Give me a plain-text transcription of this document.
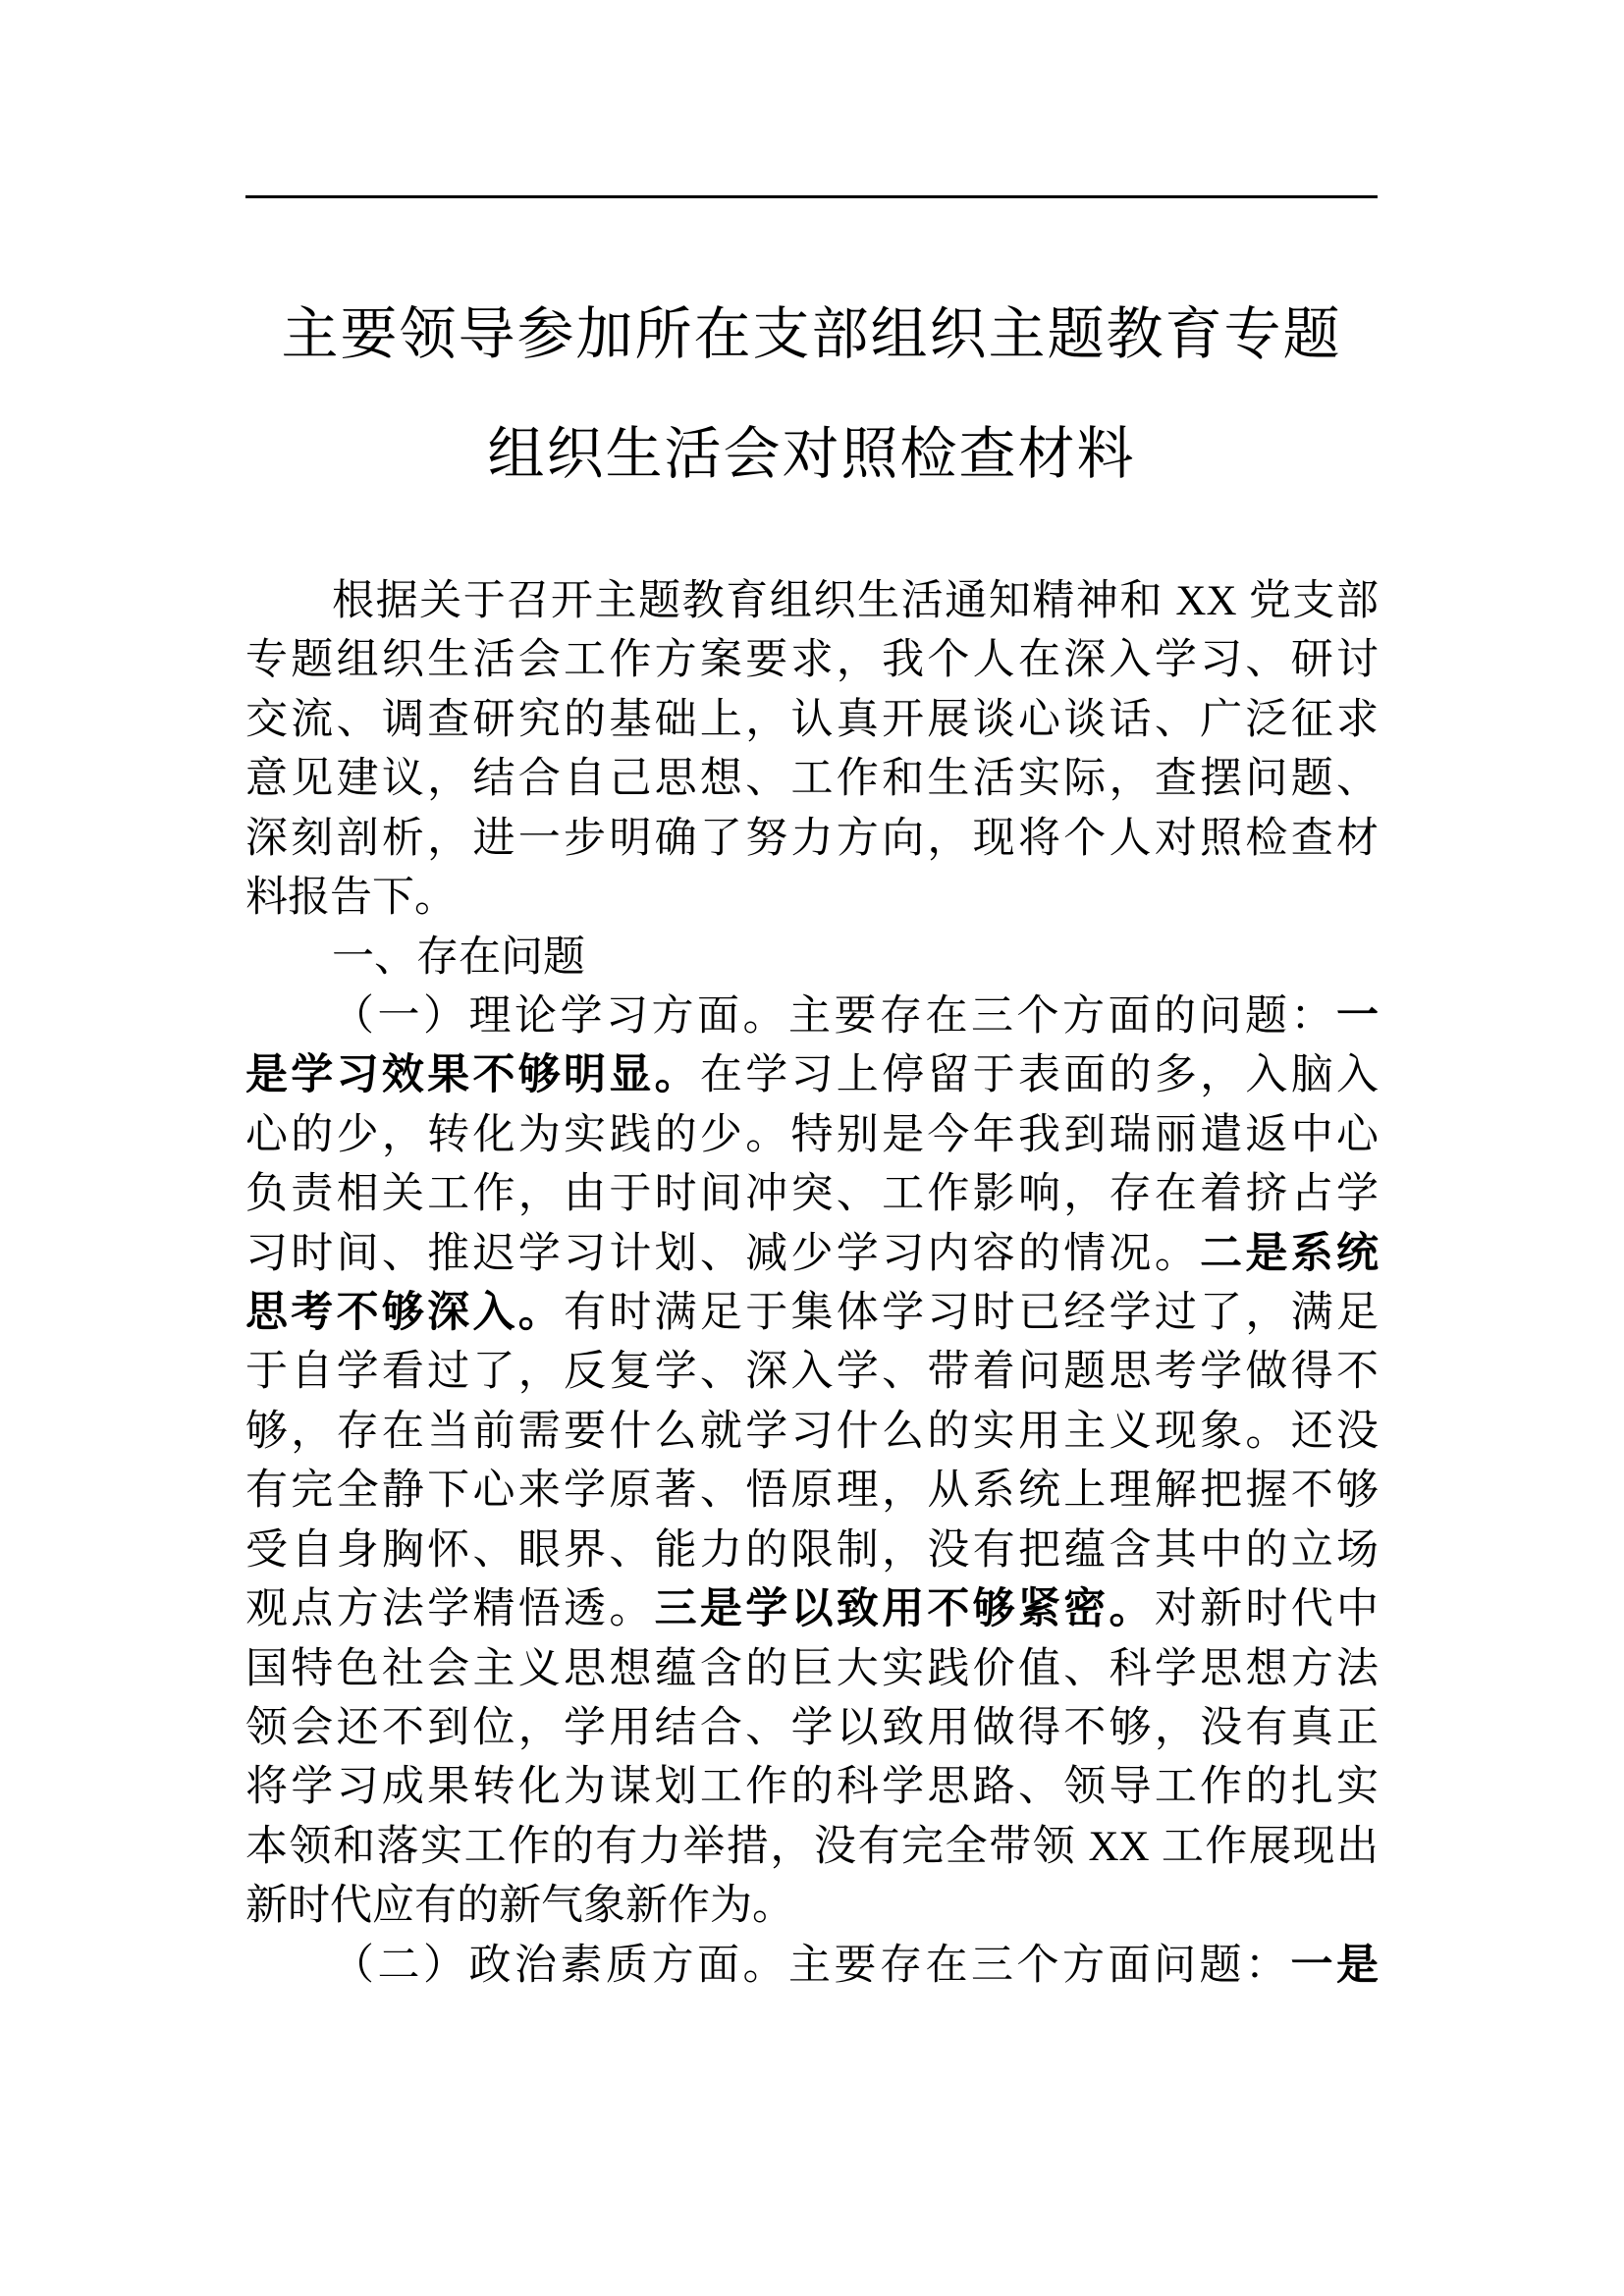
主要领导参加所在支部组织主题教育专题
组织生活会对照检查材料
根据关于召开主题教育组织生活通知精神和 XX 党支部
专题组织生活会工作方案要求，我个人在深入学习、研讨
交流、调查研究的基础上，认真开展谈心谈话、广泛征求
意见建议，结合自己思想、工作和生活实际，查摆问题、
深刻剖析，进一步明确了努力方向，现将个人对照检查材
料报告下。
一、存在问题
（一）理论学习方面。主要存在三个方面的问题：一
是学习效果不够明显。在学习上停留于表面的多，入脑入
心的少，转化为实践的少。特别是今年我到瑞丽遣返中心
负责相关工作，由于时间冲突、工作影响，存在着挤占学
习时间、推迟学习计划、减少学习内容的情况。二是系统
思考不够深入。有时满足于集体学习时已经学过了，满足
于自学看过了，反复学、深入学、带着问题思考学做得不
够，存在当前需要什么就学习什么的实用主义现象。还没
有完全静下心来学原著、悟原理，从系统上理解把握不够
受自身胸怀、眼界、能力的限制，没有把蕴含其中的立场
观点方法学精悟透。三是学以致用不够紧密。对新时代中
国特色社会主义思想蕴含的巨大实践价值、科学思想方法
领会还不到位，学用结合、学以致用做得不够，没有真正
将学习成果转化为谋划工作的科学思路、领导工作的扎实
本领和落实工作的有力举措，没有完全带领 XX 工作展现出
新时代应有的新气象新作为。
（二）政治素质方面。主要存在三个方面问题：一是
